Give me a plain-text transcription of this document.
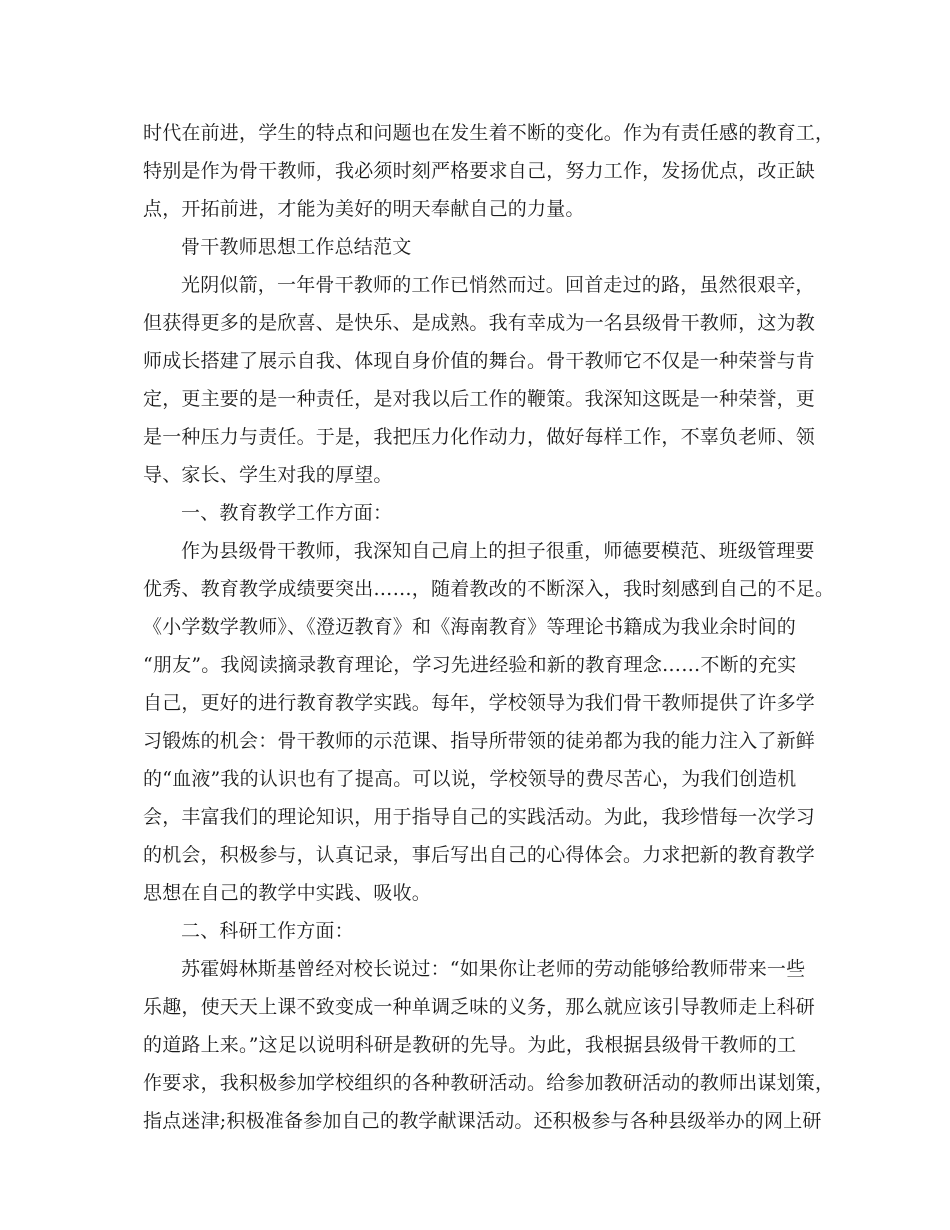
时代在前进，学生的特点和问题也在发生着不断的变化。作为有责任感的教育工，
特别是作为骨干教师，我必须时刻严格要求自己，努力工作，发扬优点，改正缺
点，开拓前进，才能为美好的明天奉献自己的力量。
骨干教师思想工作总结范文
光阴似箭，一年骨干教师的工作已悄然而过。回首走过的路，虽然很艰辛，
但获得更多的是欣喜、是快乐、是成熟。我有幸成为一名县级骨干教师，这为教
师成长搭建了展示自我、体现自身价值的舞台。骨干教师它不仅是一种荣誉与肯
定，更主要的是一种责任，是对我以后工作的鞭策。我深知这既是一种荣誉，更
是一种压力与责任。于是，我把压力化作动力，做好每样工作，不辜负老师、领
导、家长、学生对我的厚望。
一、教育教学工作方面：
作为县级骨干教师，我深知自己肩上的担子很重，师德要模范、班级管理要
优秀、教育教学成绩要突出……，随着教改的不断深入，我时刻感到自己的不足。
《小学数学教师》、《澄迈教育》和《海南教育》等理论书籍成为我业余时间的
“朋友”。我阅读摘录教育理论，学习先进经验和新的教育理念……不断的充实
自己，更好的进行教育教学实践。每年，学校领导为我们骨干教师提供了许多学
习锻炼的机会：骨干教师的示范课、指导所带领的徒弟都为我的能力注入了新鲜
的“血液”我的认识也有了提高。可以说，学校领导的费尽苦心，为我们创造机
会，丰富我们的理论知识，用于指导自己的实践活动。为此，我珍惜每一次学习
的机会，积极参与，认真记录，事后写出自己的心得体会。力求把新的教育教学
思想在自己的教学中实践、吸收。
二、科研工作方面：
苏霍姆林斯基曾经对校长说过：“如果你让老师的劳动能够给教师带来一些
乐趣，使天天上课不致变成一种单调乏味的义务，那么就应该引导教师走上科研
的道路上来。”这足以说明科研是教研的先导。为此，我根据县级骨干教师的工
作要求，我积极参加学校组织的各种教研活动。给参加教研活动的教师出谋划策，
指点迷津;积极准备参加自己的教学献课活动。还积极参与各种县级举办的网上研
